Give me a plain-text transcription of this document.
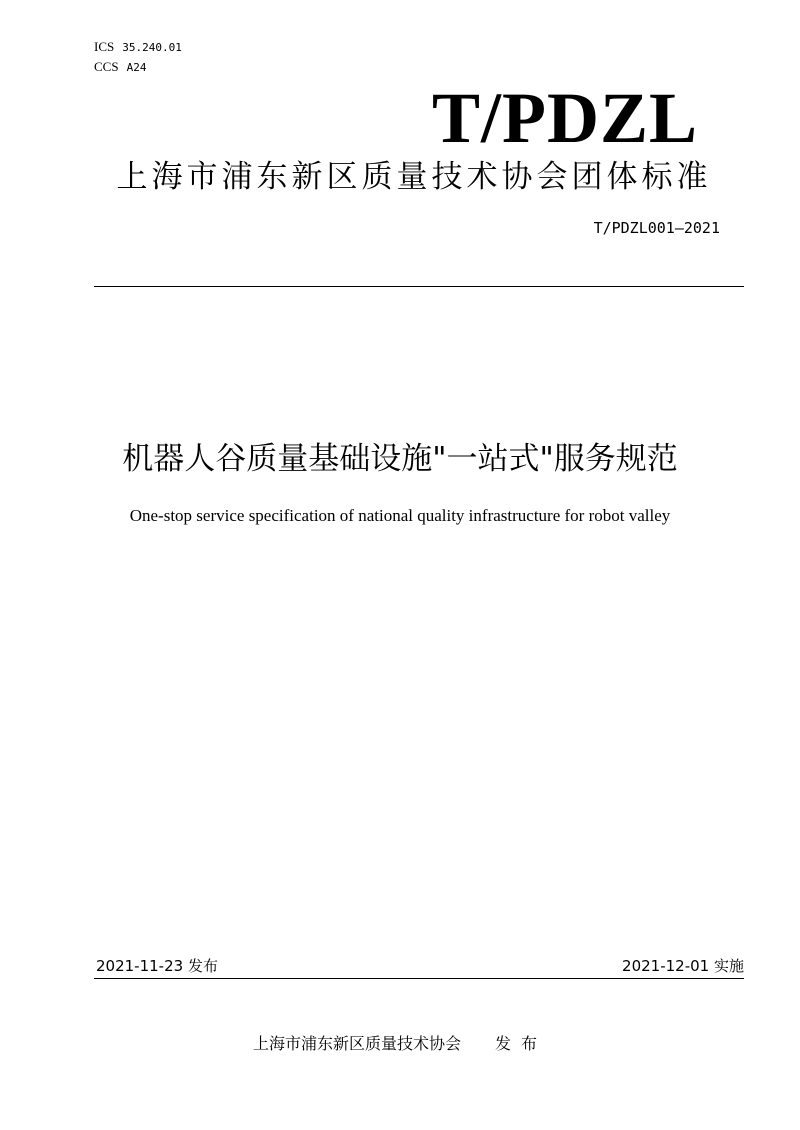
ICS 35.240.01
CCS A24
T/PDZL
上海市浦东新区质量技术协会团体标准
T/PDZL001—2021
机器人谷质量基础设施"一站式"服务规范
One-stop service specification of national quality infrastructure for robot valley
2021-11-23 发布	2021-12-01 实施
上海市浦东新区质量技术协会 发布
